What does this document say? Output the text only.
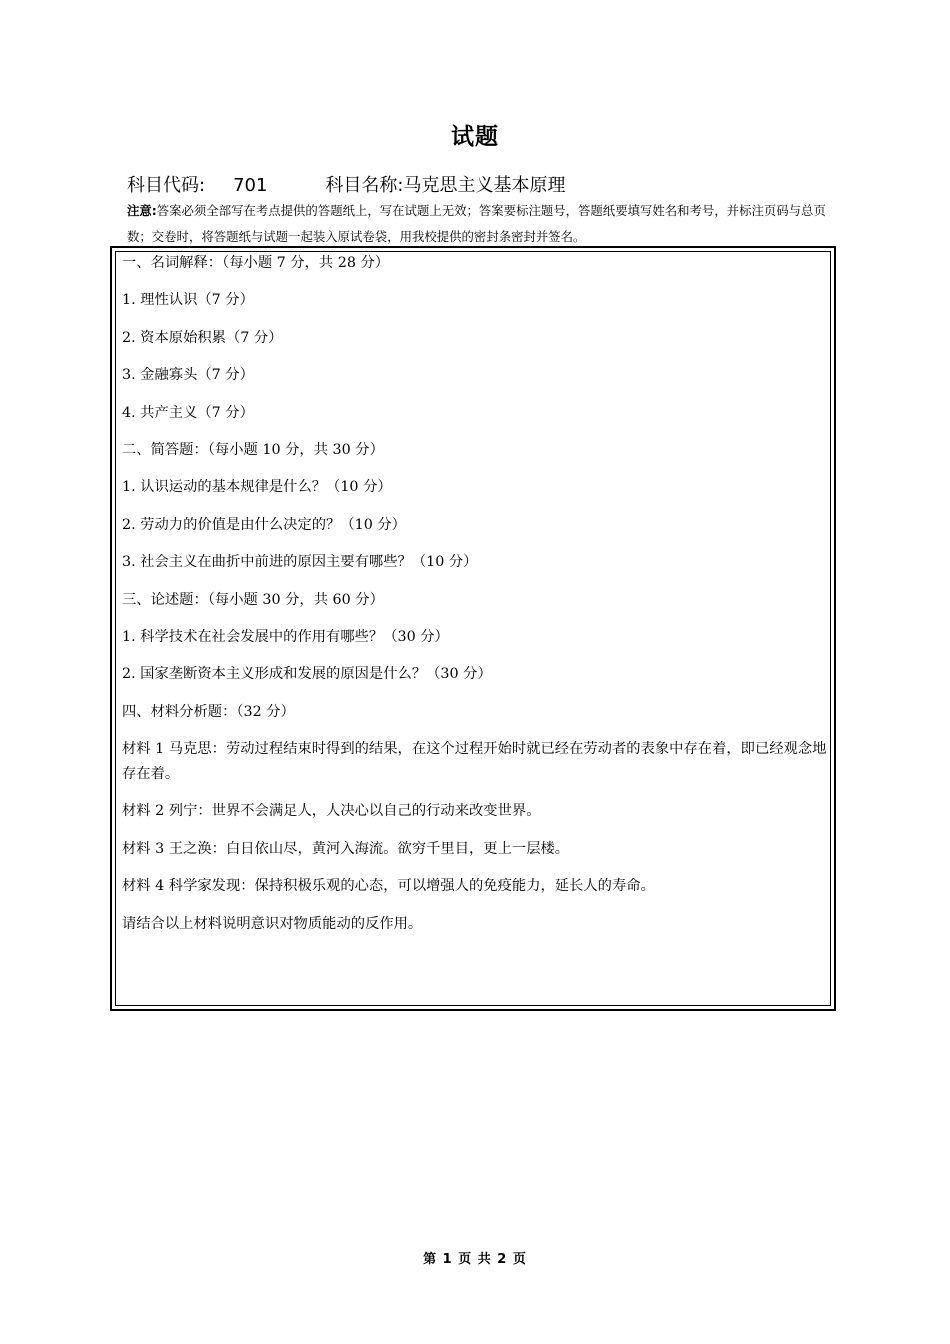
试题
科目代码: 701	科目名称:马克思主义基本原理
注意:答案必须全部写在考点提供的答题纸上，写在试题上无效；答案要标注题号，答题纸要填写姓名和考号，并标注页码与总页数；交卷时，将答题纸与试题一起装入原试卷袋，用我校提供的密封条密封并签名。
一、名词解释：（每小题 7 分，共 28 分）
1. 理性认识（7 分）
2. 资本原始积累（7 分）
3. 金融寡头（7 分）
4. 共产主义（7 分）
二、简答题：（每小题 10 分，共 30 分）
1. 认识运动的基本规律是什么？（10 分）
2. 劳动力的价值是由什么决定的？（10 分）
3. 社会主义在曲折中前进的原因主要有哪些？（10 分）
三、论述题：（每小题 30 分，共 60 分）
1. 科学技术在社会发展中的作用有哪些？（30 分）
2. 国家垄断资本主义形成和发展的原因是什么？（30 分）
四、材料分析题：（32 分）
材料 1 马克思：劳动过程结束时得到的结果，在这个过程开始时就已经在劳动者的表象中存在着，即已经观念地存在着。
材料 2 列宁：世界不会满足人，人决心以自己的行动来改变世界。
材料 3 王之涣：白日依山尽，黄河入海流。欲穷千里目，更上一层楼。
材料 4 科学家发现：保持积极乐观的心态，可以增强人的免疫能力，延长人的寿命。
请结合以上材料说明意识对物质能动的反作用。
第 1 页 共 2 页
